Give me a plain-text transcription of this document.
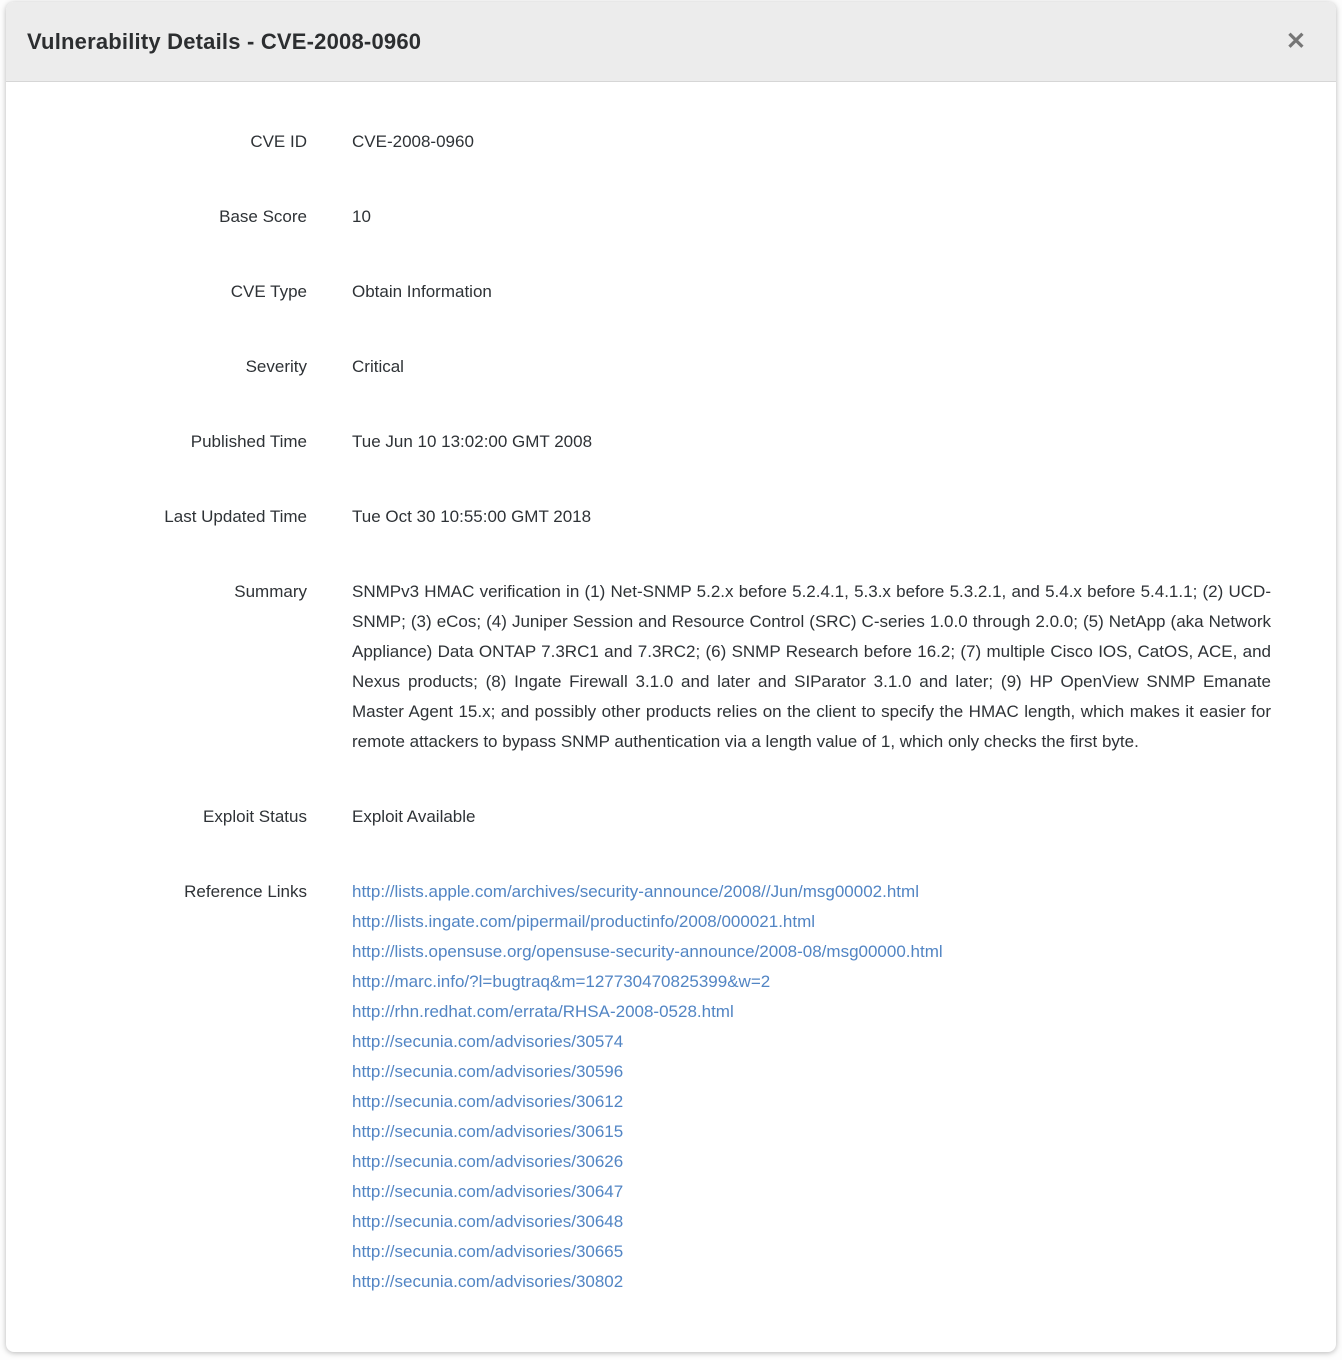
Vulnerability Details - CVE-2008-0960	✕
CVE ID	CVE-2008-0960
Base Score	10
CVE Type	Obtain Information
Severity	Critical
Published Time	Tue Jun 10 13:02:00 GMT 2008
Last Updated Time	Tue Oct 30 10:55:00 GMT 2018
Summary	SNMPv3 HMAC verification in (1) Net-SNMP 5.2.x before 5.2.4.1, 5.3.x before 5.3.2.1, and 5.4.x before 5.4.1.1; (2) UCD-SNMP; (3) eCos; (4) Juniper Session and Resource Control (SRC) C-series 1.0.0 through 2.0.0; (5) NetApp (aka Network Appliance) Data ONTAP 7.3RC1 and 7.3RC2; (6) SNMP Research before 16.2; (7) multiple Cisco IOS, CatOS, ACE, and Nexus products; (8) Ingate Firewall 3.1.0 and later and SIParator 3.1.0 and later; (9) HP OpenView SNMP Emanate Master Agent 15.x; and possibly other products relies on the client to specify the HMAC length, which makes it easier for remote attackers to bypass SNMP authentication via a length value of 1, which only checks the first byte.
Exploit Status	Exploit Available
Reference Links	http://lists.apple.com/archives/security-announce/2008//Jun/msg00002.html
http://lists.ingate.com/pipermail/productinfo/2008/000021.html
http://lists.opensuse.org/opensuse-security-announce/2008-08/msg00000.html
http://marc.info/?l=bugtraq&m=127730470825399&w=2
http://rhn.redhat.com/errata/RHSA-2008-0528.html
http://secunia.com/advisories/30574
http://secunia.com/advisories/30596
http://secunia.com/advisories/30612
http://secunia.com/advisories/30615
http://secunia.com/advisories/30626
http://secunia.com/advisories/30647
http://secunia.com/advisories/30648
http://secunia.com/advisories/30665
http://secunia.com/advisories/30802
